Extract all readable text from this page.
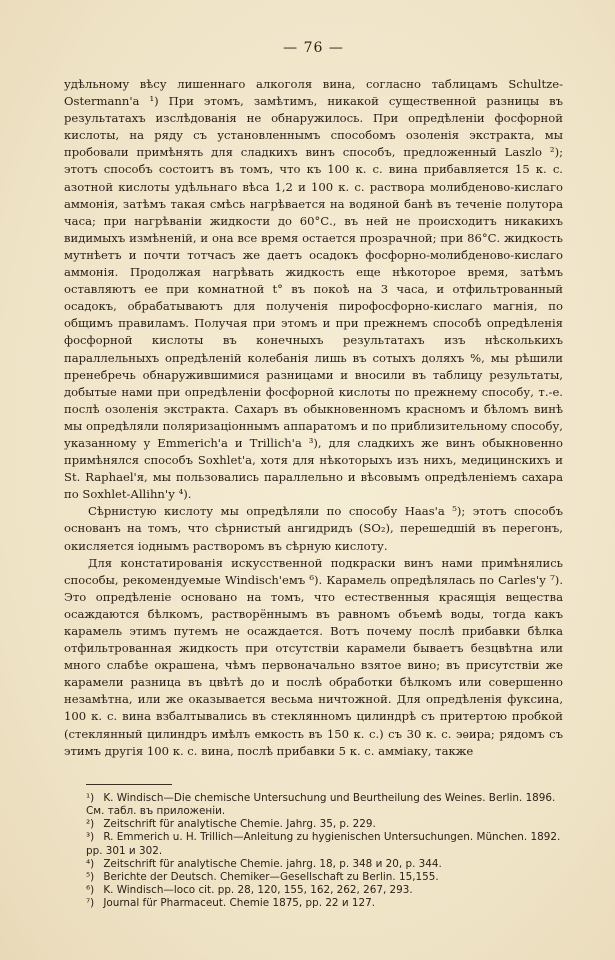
— 76 —

удѣльному вѣсу лишеннаго алкоголя вина, согласно таблицамъ Schultze-Ostermann'a ¹) При этомъ, замѣтимъ, никакой существенной разницы въ результатахъ изслѣдованія не обнаружилось. При опредѣленіи фосфорной кислоты, на ряду съ установленнымъ способомъ озоленія экстракта, мы пробовали примѣнять для сладкихъ винъ способъ, предложенный Laszlo ²); этотъ способъ состоитъ въ томъ, что къ 100 к. с. вина прибавляется 15 к. с. азотной кислоты удѣльнаго вѣса 1,2 и 100 к. с. раствора молибденово-кислаго аммонія, затѣмъ такая смѣсь нагрѣвается на водяной банѣ въ теченіе полутора часа; при нагрѣваніи жидкости до 60°С., въ ней не происходитъ никакихъ видимыхъ измѣненій, и она все время остается прозрачной; при 86°С. жидкость мутнѣетъ и почти тотчасъ же даетъ осадокъ фосфорно-молибденово-кислаго аммонія. Продолжая нагрѣвать жидкость еще нѣкоторое время, затѣмъ оставляютъ ее при комнатной t° въ покоѣ на 3 часа, и отфильтрованный осадокъ, обрабатываютъ для полученія пирофосфорно-кислаго магнія, по общимъ правиламъ. Получая при этомъ и при прежнемъ способѣ опредѣленія фосфорной кислоты въ конечныхъ результатахъ изъ нѣсколькихъ параллельныхъ опредѣленій колебанія лишь въ сотыхъ доляхъ %, мы рѣшили пренебречь обнаружившимися разницами и вносили въ таблицу результаты, добытые нами при опредѣленіи фосфорной кислоты по прежнему способу, т.-е. послѣ озоленія экстракта. Сахаръ въ обыкновенномъ красномъ и бѣломъ винѣ мы опредѣляли поляризаціоннымъ аппаратомъ и по приблизительному способу, указанному у Emmerich'a и Trillich'a ³), для сладкихъ же винъ обыкновенно примѣнялся способъ Soxhlet'a, хотя для нѣкоторыхъ изъ нихъ, медицинскихъ и St. Raphael'я, мы пользовались параллельно и вѣсовымъ опредѣленіемъ сахара по Soxhlet-Allihn'у ⁴).

Сѣрнистую кислоту мы опредѣляли по способу Haas'a ⁵); этотъ способъ основанъ на томъ, что сѣрнистый ангидридъ (SO₂), перешедшій въ перегонъ, окисляется іоднымъ растворомъ въ сѣрную кислоту.

Для констатированія искусственной подкраски винъ нами примѣнялись способы, рекомендуемые Windisch'емъ ⁶). Карамель опредѣлялась по Carles'у ⁷). Это опредѣленіе основано на томъ, что естественныя красящія вещества осаждаются бѣлкомъ, растворённымъ въ равномъ объемѣ воды, тогда какъ карамель этимъ путемъ не осаждается. Вотъ почему послѣ прибавки бѣлка отфильтрованная жидкость при отсутствіи карамели бываетъ безцвѣтна или много слабѣе окрашена, чѣмъ первоначально взятое вино; въ присутствіи же карамели разница въ цвѣтѣ до и послѣ обработки бѣлкомъ или совершенно незамѣтна, или же оказывается весьма ничтожной. Для опредѣленія фуксина, 100 к. с. вина взбалтывались въ стеклянномъ цилиндрѣ съ притертою пробкой (стеклянный цилиндръ имѣлъ емкость въ 150 к. с.) съ 30 к. с. эѳира; рядомъ съ этимъ другія 100 к. с. вина, послѣ прибавки 5 к. с. аммiаку, также

¹) K. Windisch—Die chemische Untersuchung und Beurtheilung des Weines. Berlin. 1896. См. табл. въ приложеніи.

²) Zeitschrift für analytische Chemie. Jahrg. 35, p. 229.

³) R. Emmerich u. H. Trillich—Anleitung zu hygienischen Untersuchungen. München. 1892. pp. 301 и 302.

⁴) Zeitschrift für analytische Chemie. jahrg. 18, p. 348 и 20, p. 344.

⁵) Berichte der Deutsch. Chemiker—Gesellschaft zu Berlin. 15,155.

⁶) K. Windisch—loco cit. pp. 28, 120, 155, 162, 262, 267, 293.

⁷) Journal für Pharmaceut. Chemie 1875, pp. 22 и 127.
